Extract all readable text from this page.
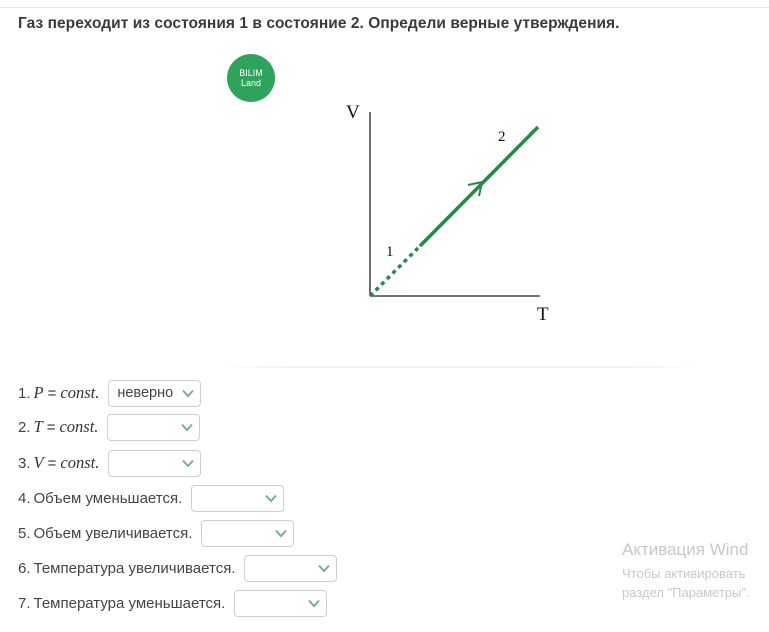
Газ переходит из состояния 1 в состояние 2. Определи верные утверждения.
BILIM
Land
V
T
1
2
1. P = const. неверно
2. T = const.
3. V = const.
4. Объем уменьшается.
5. Объем увеличивается.
6. Температура увеличивается.
7. Температура уменьшается.
Активация Wind
Чтобы активировать
раздел "Параметры".
